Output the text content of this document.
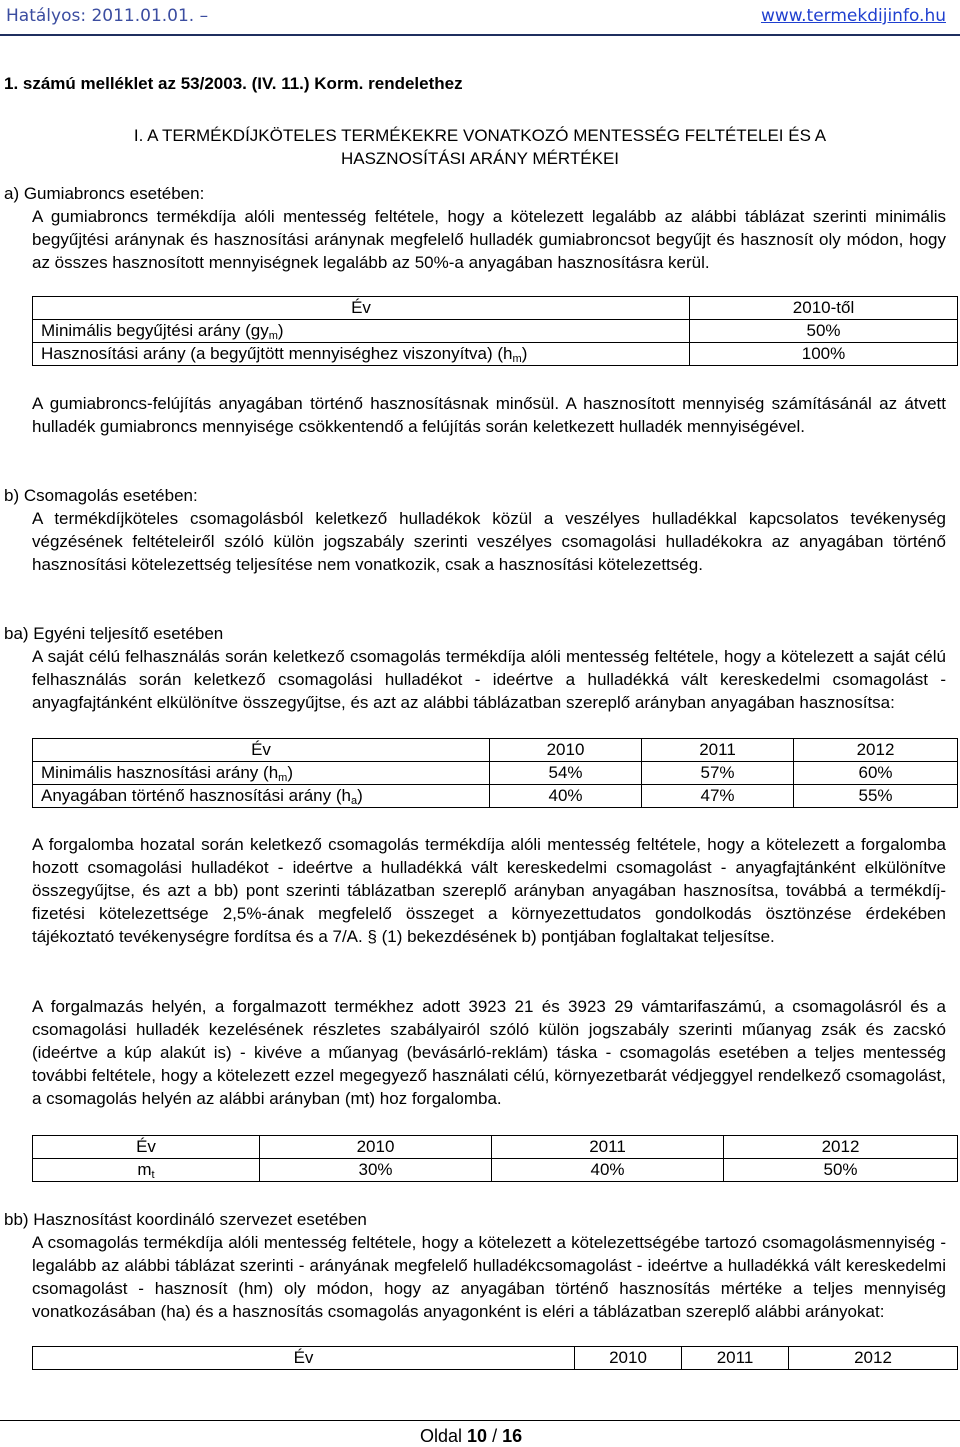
Hatályos: 2011.01.01. –	www.termekdijinfo.hu
1. számú melléklet az 53/2003. (IV. 11.) Korm. rendelethez
I. A TERMÉKDÍJKÖTELES TERMÉKEKRE VONATKOZÓ MENTESSÉG FELTÉTELEI ÉS A
HASZNOSÍTÁSI ARÁNY MÉRTÉKEI
a) Gumiabroncs esetében:
A gumiabroncs termékdíja alóli mentesség feltétele, hogy a kötelezett legalább az alábbi táblázat szerinti minimális begyűjtési aránynak és hasznosítási aránynak megfelelő hulladék gumiabroncsot begyűjt és hasznosít oly módon, hogy az összes hasznosított mennyiségnek legalább az 50%-a anyagában hasznosításra kerül.
Év	2010-től
Minimális begyűjtési arány $(gy_m)$	50%
Hasznosítási arány (a begyűjtött mennyiséghez viszonyítva) $(h_m)$	100%
A gumiabroncs-felújítás anyagában történő hasznosításnak minősül. A hasznosított mennyiség számításánál az átvett hulladék gumiabroncs mennyisége csökkentendő a felújítás során keletkezett hulladék mennyiségével.
b) Csomagolás esetében:
A termékdíjköteles csomagolásból keletkező hulladékok közül a veszélyes hulladékkal kapcsolatos tevékenység végzésének feltételeiről szóló külön jogszabály szerinti veszélyes csomagolási hulladékokra az anyagában történő hasznosítási kötelezettség teljesítése nem vonatkozik, csak a hasznosítási kötelezettség.
ba) Egyéni teljesítő esetében
A saját célú felhasználás során keletkező csomagolás termékdíja alóli mentesség feltétele, hogy a kötelezett a saját célú felhasználás során keletkező csomagolási hulladékot - ideértve a hulladékká vált kereskedelmi csomagolást - anyagfajtánként elkülönítve összegyűjtse, és azt az alábbi táblázatban szereplő arányban anyagában hasznosítsa:
Év	2010	2011	2012
Minimális hasznosítási arány $(h_m)$	54%	57%	60%
Anyagában történő hasznosítási arány $(h_a)$	40%	47%	55%
A forgalomba hozatal során keletkező csomagolás termékdíja alóli mentesség feltétele, hogy a kötelezett a forgalomba hozott csomagolási hulladékot - ideértve a hulladékká vált kereskedelmi csomagolást - anyagfajtánként elkülönítve összegyűjtse, és azt a bb) pont szerinti táblázatban szereplő arányban anyagában hasznosítsa, továbbá a termékdíj-fizetési kötelezettsége 2,5%-ának megfelelő összeget a környezettudatos gondolkodás ösztönzése érdekében tájékoztató tevékenységre fordítsa és a 7/A. § (1) bekezdésének b) pontjában foglaltakat teljesítse.
A forgalmazás helyén, a forgalmazott termékhez adott 3923 21 és 3923 29 vámtarifaszámú, a csomagolásról és a csomagolási hulladék kezelésének részletes szabályairól szóló külön jogszabály szerinti műanyag zsák és zacskó (ideértve a kúp alakút is) - kivéve a műanyag (bevásárló-reklám) táska - csomagolás esetében a teljes mentesség további feltétele, hogy a kötelezett ezzel megegyező használati célú, környezetbarát védjeggyel rendelkező csomagolást, a csomagolás helyén az alábbi arányban (mt) hoz forgalomba.
Év	2010	2011	2012
$m_t$	30%	40%	50%
bb) Hasznosítást koordináló szervezet esetében
A csomagolás termékdíja alóli mentesség feltétele, hogy a kötelezett a kötelezettségébe tartozó csomagolásmennyiség - legalább az alábbi táblázat szerinti - arányának megfelelő hulladékcsomagolást - ideértve a hulladékká vált kereskedelmi csomagolást - hasznosít (hm) oly módon, hogy az anyagában történő hasznosítás mértéke a teljes mennyiség vonatkozásában (ha) és a hasznosítás csomagolás anyagonként is eléri a táblázatban szereplő alábbi arányokat:
Év	2010	2011	2012
Oldal 10 / 16
